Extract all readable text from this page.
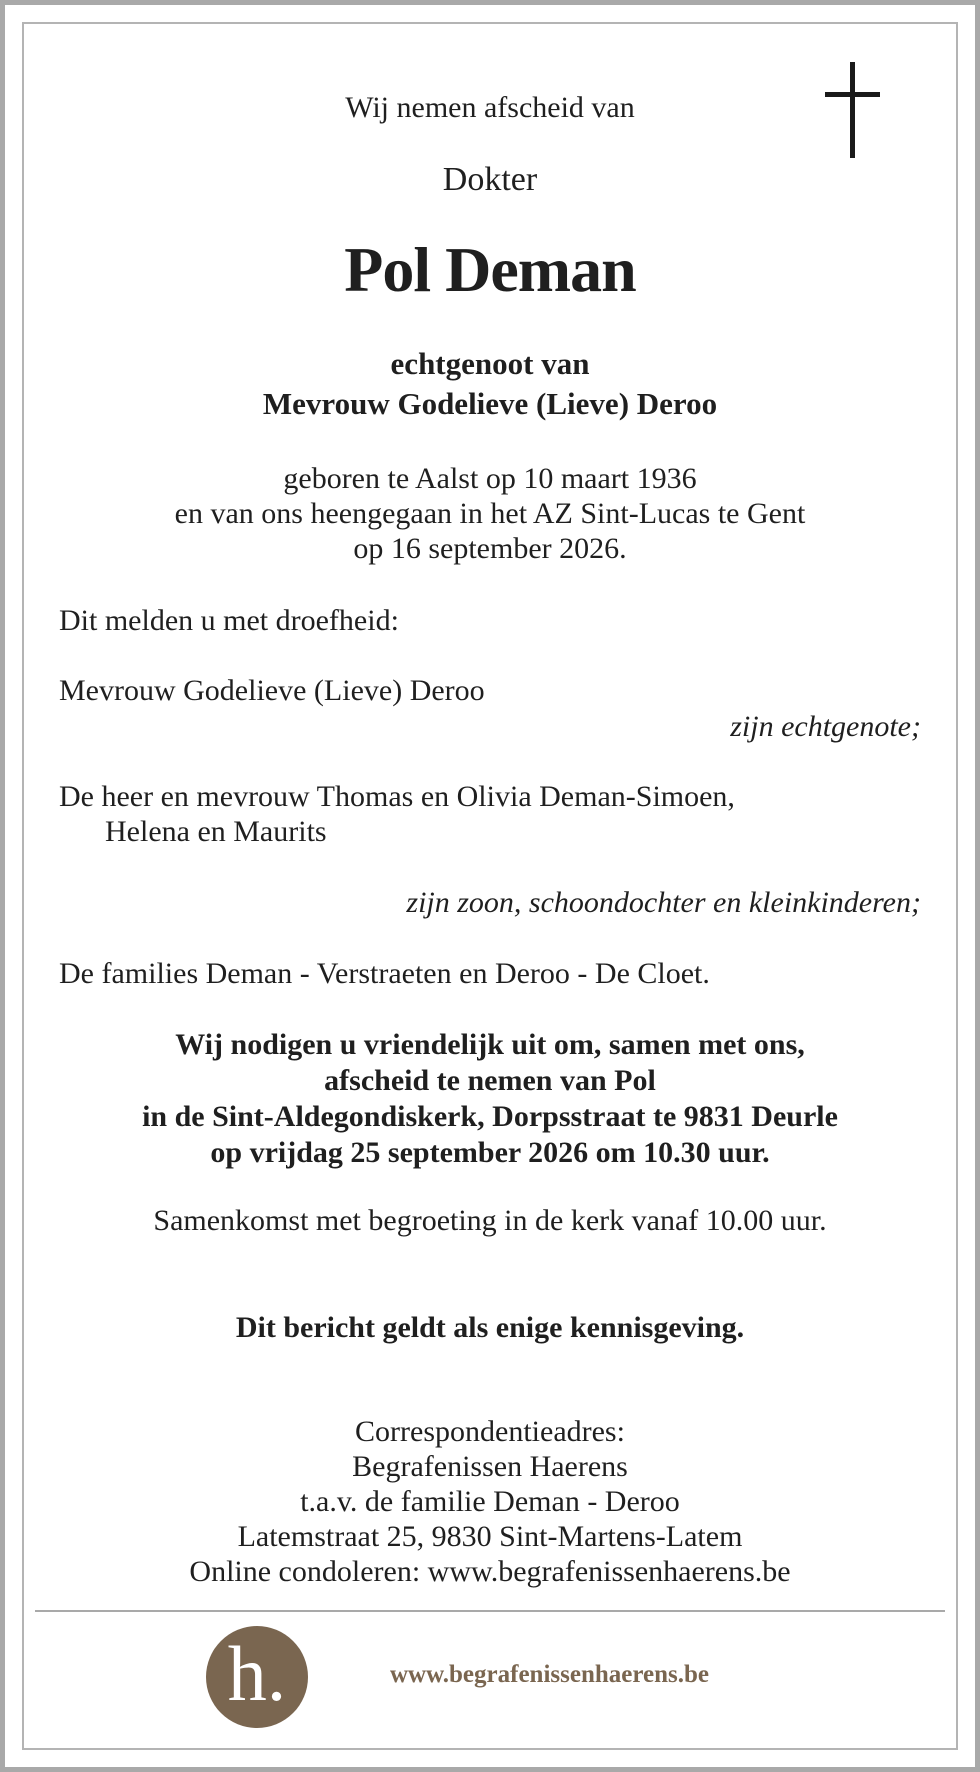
Wij nemen afscheid van
Dokter
Pol Deman
echtgenoot van
Mevrouw Godelieve (Lieve) Deroo
geboren te Aalst op 10 maart 1936
en van ons heengegaan in het AZ Sint-Lucas te Gent
op 16 september 2026.
Dit melden u met droefheid:
Mevrouw Godelieve (Lieve) Deroo
zijn echtgenote;
De heer en mevrouw Thomas en Olivia Deman-Simoen,
Helena en Maurits
zijn zoon, schoondochter en kleinkinderen;
De families Deman - Verstraeten en Deroo - De Cloet.
Wij nodigen u vriendelijk uit om, samen met ons,
afscheid te nemen van Pol
in de Sint-Aldegondiskerk, Dorpsstraat te 9831 Deurle
op vrijdag 25 september 2026 om 10.30 uur.
Samenkomst met begroeting in de kerk vanaf 10.00 uur.
Dit bericht geldt als enige kennisgeving.
Correspondentieadres:
Begrafenissen Haerens
t.a.v. de familie Deman - Deroo
Latemstraat 25, 9830 Sint-Martens-Latem
Online condoleren: www.begrafenissenhaerens.be
h.	www.begrafenissenhaerens.be
